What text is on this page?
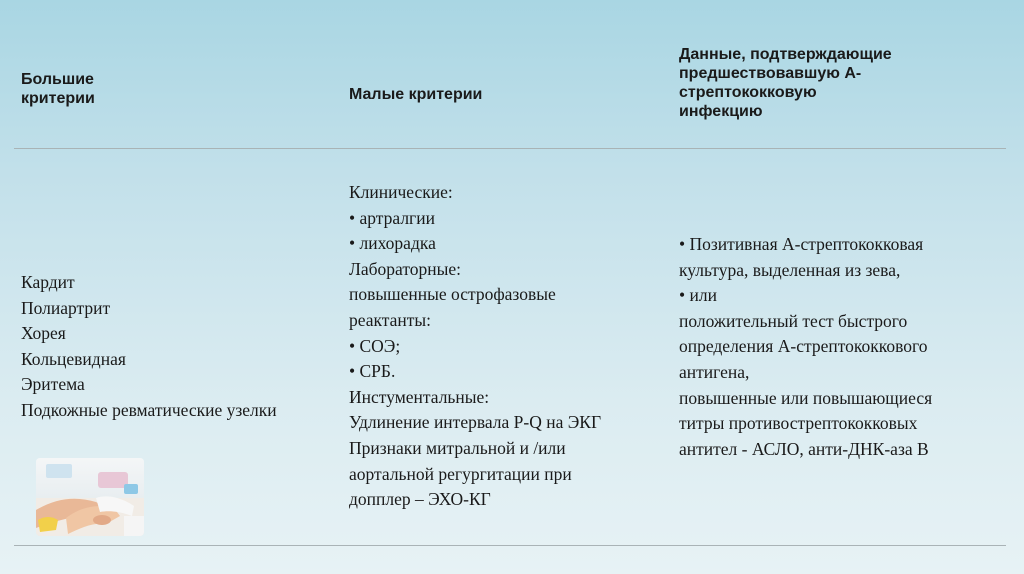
Большие
критерии	Малые критерии
Данные, подтверждающие
предшествовавшую А-
стрептококковую
инфекцию
Кардит
Полиартрит
Хорея
Кольцевидная
Эритема
Подкожные ревматические узелки
Клинические:
• артралгии
• лихорадка
Лабораторные:
повышенные острофазовые
реактанты:
• СОЭ;
• СРБ.
Инстументальные:
Удлинение интервала P-Q на ЭКГ
Признаки митральной и /или
аортальной регургитации при
допплер – ЭХО-КГ
• Позитивная А-стрептококковая
культура, выделенная из зева,
• или
положительный тест быстрого
определения А-стрептококкового
антигена,
повышенные или повышающиеся
титры противострептококковых
антител - АСЛО, анти-ДНК-аза В
